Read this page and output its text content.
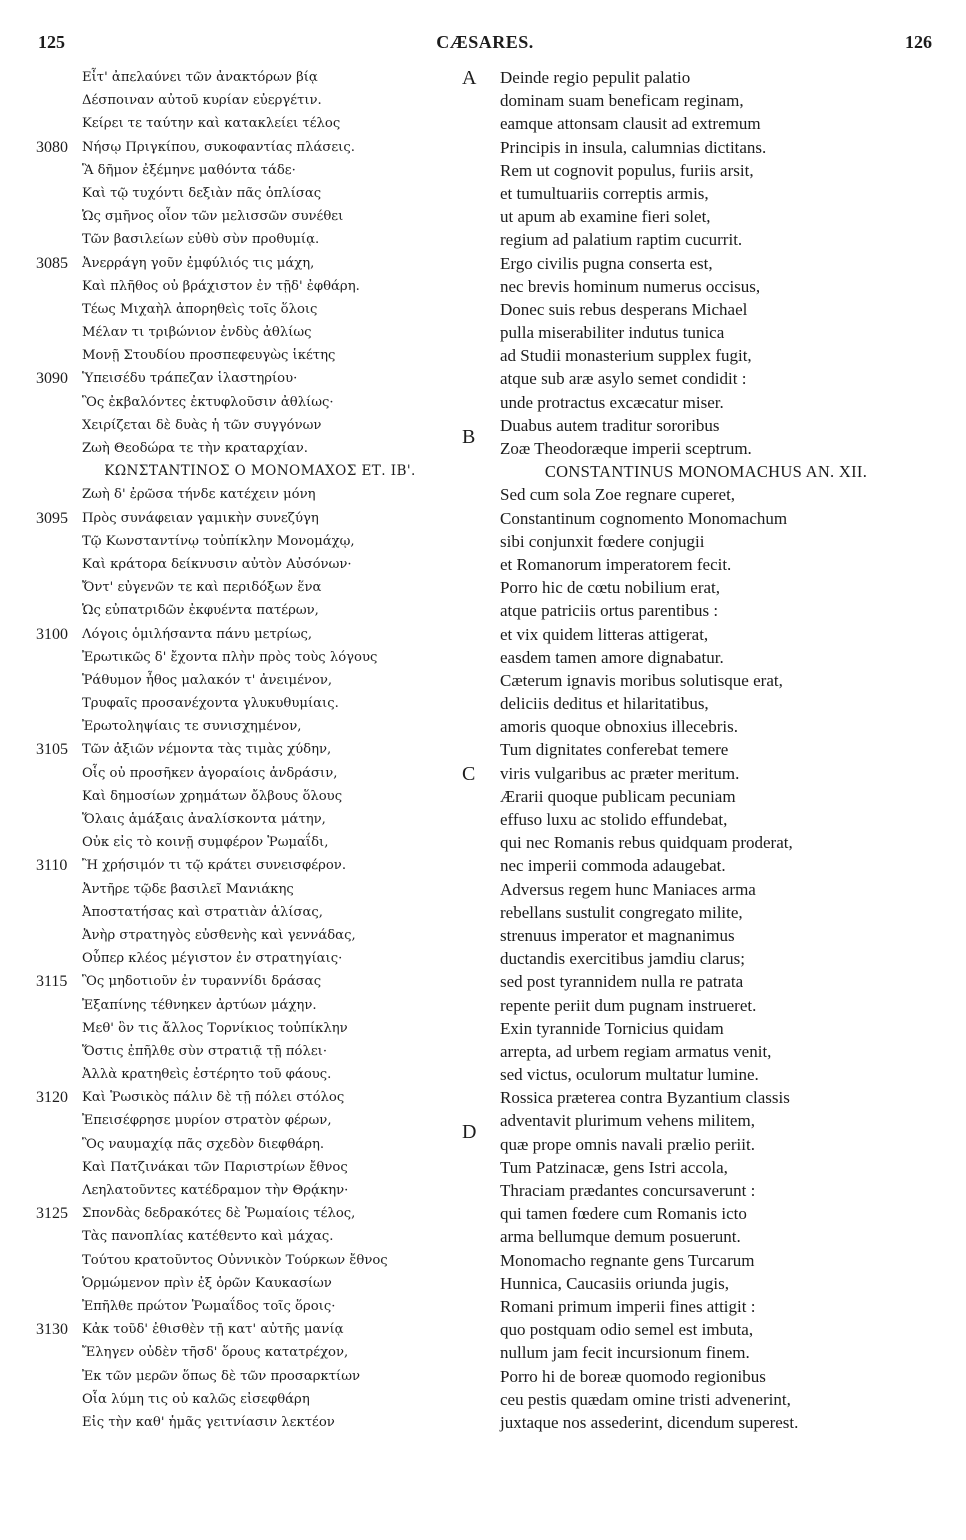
125	CÆSARES.	126
Εἶτ' ἀπελαύνει τῶν ἀνακτόρων βίᾳ
Δέσποιναν αὐτοῦ κυρίαν εὐεργέτιν.
Κείρει τε ταύτην καὶ κατακλείει τέλος
3080 Νήσῳ Πριγκίπου, συκοφαντίας πλάσεις.
Ἃ δῆμον ἐξέμηνε μαθόντα τάδε·
Καὶ τῷ τυχόντι δεξιὰν πᾶς ὁπλίσας
Ὡς σμῆνος οἷον τῶν μελισσῶν συνέθει
Τῶν βασιλείων εὐθὺ σὺν προθυμίᾳ.
3085 Ἀνερράγη γοῦν ἐμφύλιός τις μάχη,
Καὶ πλῆθος οὐ βράχιστον ἐν τῇδ' ἐφθάρη.
Τέως Μιχαὴλ ἀπορηθεὶς τοῖς ὅλοις
Μέλαν τι τριβώνιον ἐνδὺς ἀθλίως
Μονῇ Στουδίου προσπεφευγὼς ἱκέτης
3090 Ὑπεισέδυ τράπεζαν ἱλαστηρίου·
Ὃς ἐκβαλόντες ἐκτυφλοῦσιν ἀθλίως·
Χειρίζεται δὲ δυὰς ἡ τῶν συγγόνων
Ζωὴ Θεοδώρα τε τὴν κραταρχίαν.
ΚΩΝΣΤΑΝΤΙΝΟΣ Ο ΜΟΝΟΜΑΧΟΣ ΕΤ. ΙΒ'.
Ζωὴ δ' ἐρῶσα τήνδε κατέχειν μόνη
3095 Πρὸς συνάφειαν γαμικὴν συνεζύγη
Τῷ Κωνσταντίνῳ τοὐπίκλην Μονομάχῳ,
Καὶ κράτορα δείκνυσιν αὐτὸν Αὐσόνων·
Ὄντ' εὐγενῶν τε καὶ περιδόξων ἕνα
Ὡς εὐπατριδῶν ἐκφυέντα πατέρων,
3100 Λόγοις ὁμιλήσαντα πάνυ μετρίως,
Ἐρωτικῶς δ' ἔχοντα πλὴν πρὸς τοὺς λόγους
Ῥάθυμον ἦθος μαλακόν τ' ἀνειμένον,
Τρυφαῖς προσανέχοντα γλυκυθυμίαις.
Ἐρωτοληψίαις τε συνισχημένον,
3105 Τῶν ἀξιῶν νέμοντα τὰς τιμὰς χύδην,
Οἷς οὐ προσῆκεν ἀγοραίοις ἀνδράσιν,
Καὶ δημοσίων χρημάτων ὄλβους ὅλους
Ὅλαις ἁμάξαις ἀναλίσκοντα μάτην,
Οὐκ εἰς τὸ κοινῇ συμφέρον Ῥωμαΐδι,
3110 Ἢ χρήσιμόν τι τῷ κράτει συνεισφέρον.
Ἀντῆρε τῷδε βασιλεῖ Μανιάκης
Ἀποστατήσας καὶ στρατιὰν ἁλίσας,
Ἀνὴρ στρατηγὸς εὐσθενὴς καὶ γεννάδας,
Οὗπερ κλέος μέγιστον ἐν στρατηγίαις·
3115 Ὃς μηδοτιοῦν ἐν τυραννίδι δράσας
Ἐξαπίνης τέθνηκεν ἀρτύων μάχην.
Μεθ' ὃν τις ἄλλος Τορνίκιος τοὐπίκλην
Ὅστις ἐπῆλθε σὺν στρατιᾷ τῇ πόλει·
Ἀλλὰ κρατηθεὶς ἐστέρητο τοῦ φάους.
3120 Καὶ Ῥωσικὸς πάλιν δὲ τῇ πόλει στόλος
Ἐπεισέφρησε μυρίον στρατὸν φέρων,
Ὃς ναυμαχίᾳ πᾶς σχεδὸν διεφθάρη.
Καὶ Πατζινάκαι τῶν Παριστρίων ἔθνος
Λεηλατοῦντες κατέδραμον τὴν Θρᾴκην·
3125 Σπονδὰς δεδρακότες δὲ Ῥωμαίοις τέλος,
Τὰς πανοπλίας κατέθεντο καὶ μάχας.
Τούτου κρατοῦντος Οὐννικὸν Τούρκων ἔθνος
Ὁρμώμενον πρὶν ἐξ ὁρῶν Καυκασίων
Ἐπῆλθε πρώτον Ῥωμαΐδος τοῖς ὅροις·
3130 Κἀκ τοῦδ' ἐθισθὲν τῇ κατ' αὐτῆς μανίᾳ
Ἔληγεν οὐδὲν τῆσδ' ὅρους κατατρέχον,
Ἐκ τῶν μερῶν ὅπως δὲ τῶν προσαρκτίων
Οἷα λύμη τις οὐ καλῶς εἰσεφθάρη
Εἰς τὴν καθ' ἡμᾶς γειτνίασιν λεκτέον
A Deinde regio pepulit palatio
dominam suam beneficam reginam,
eamque attonsam clausit ad extremum
Principis in insula, calumnias dictitans.
Rem ut cognovit populus, furiis arsit,
et tumultuariis correptis armis,
ut apum ab examine fieri solet,
regium ad palatium raptim cucurrit.
Ergo civilis pugna conserta est,
nec brevis hominum numerus occisus,
Donec suis rebus desperans Michael
pulla miserabiliter indutus tunica
ad Studii monasterium supplex fugit,
atque sub aræ asylo semet condidit :
unde protractus excæcatur miser.
B
Duabus autem traditur sororibus
Zoæ Theodoræque imperii sceptrum.
CONSTANTINUS MONOMACHUS AN. XII.
Sed cum sola Zoe regnare cuperet,
Constantinum cognomento Monomachum
sibi conjunxit fœdere conjugii
et Romanorum imperatorem fecit.
Porro hic de cœtu nobilium erat,
atque patriciis ortus parentibus :
et vix quidem litteras attigerat,
easdem tamen amore dignabatur.
Cæterum ignavis moribus solutisque erat,
deliciis deditus et hilaritatibus,
amoris quoque obnoxius illecebris.
Tum dignitates conferebat temere
C viris vulgaribus ac præter meritum.
Ærarii quoque publicam pecuniam
effuso luxu ac stolido effundebat,
qui nec Romanis rebus quidquam proderat,
nec imperii commoda adaugebat.
Adversus regem hunc Maniaces arma
rebellans sustulit congregato milite,
strenuus imperator et magnanimus
ductandis exercitibus jamdiu clarus;
sed post tyrannidem nulla re patrata
repente periit dum pugnam instrueret.
Exin tyrannide Tornicius quidam
arrepta, ad urbem regiam armatus venit,
sed victus, oculorum multatur lumine.
Rossica præterea contra Byzantium classis
D
adventavit plurimum vehens militem,
quæ prope omnis navali prælio periit.
Tum Patzinacæ, gens Istri accola,
Thraciam prædantes concursaverunt :
qui tamen fœdere cum Romanis icto
arma bellumque demum posuerunt.
Monomacho regnante gens Turcarum
Hunnica, Caucasiis oriunda jugis,
Romani primum imperii fines attigit :
quo postquam odio semel est imbuta,
nullum jam fecit incursionum finem.
Porro hi de boreæ quomodo regionibus
ceu pestis quædam omine tristi advenerint,
juxtaque nos assederint, dicendum superest.
